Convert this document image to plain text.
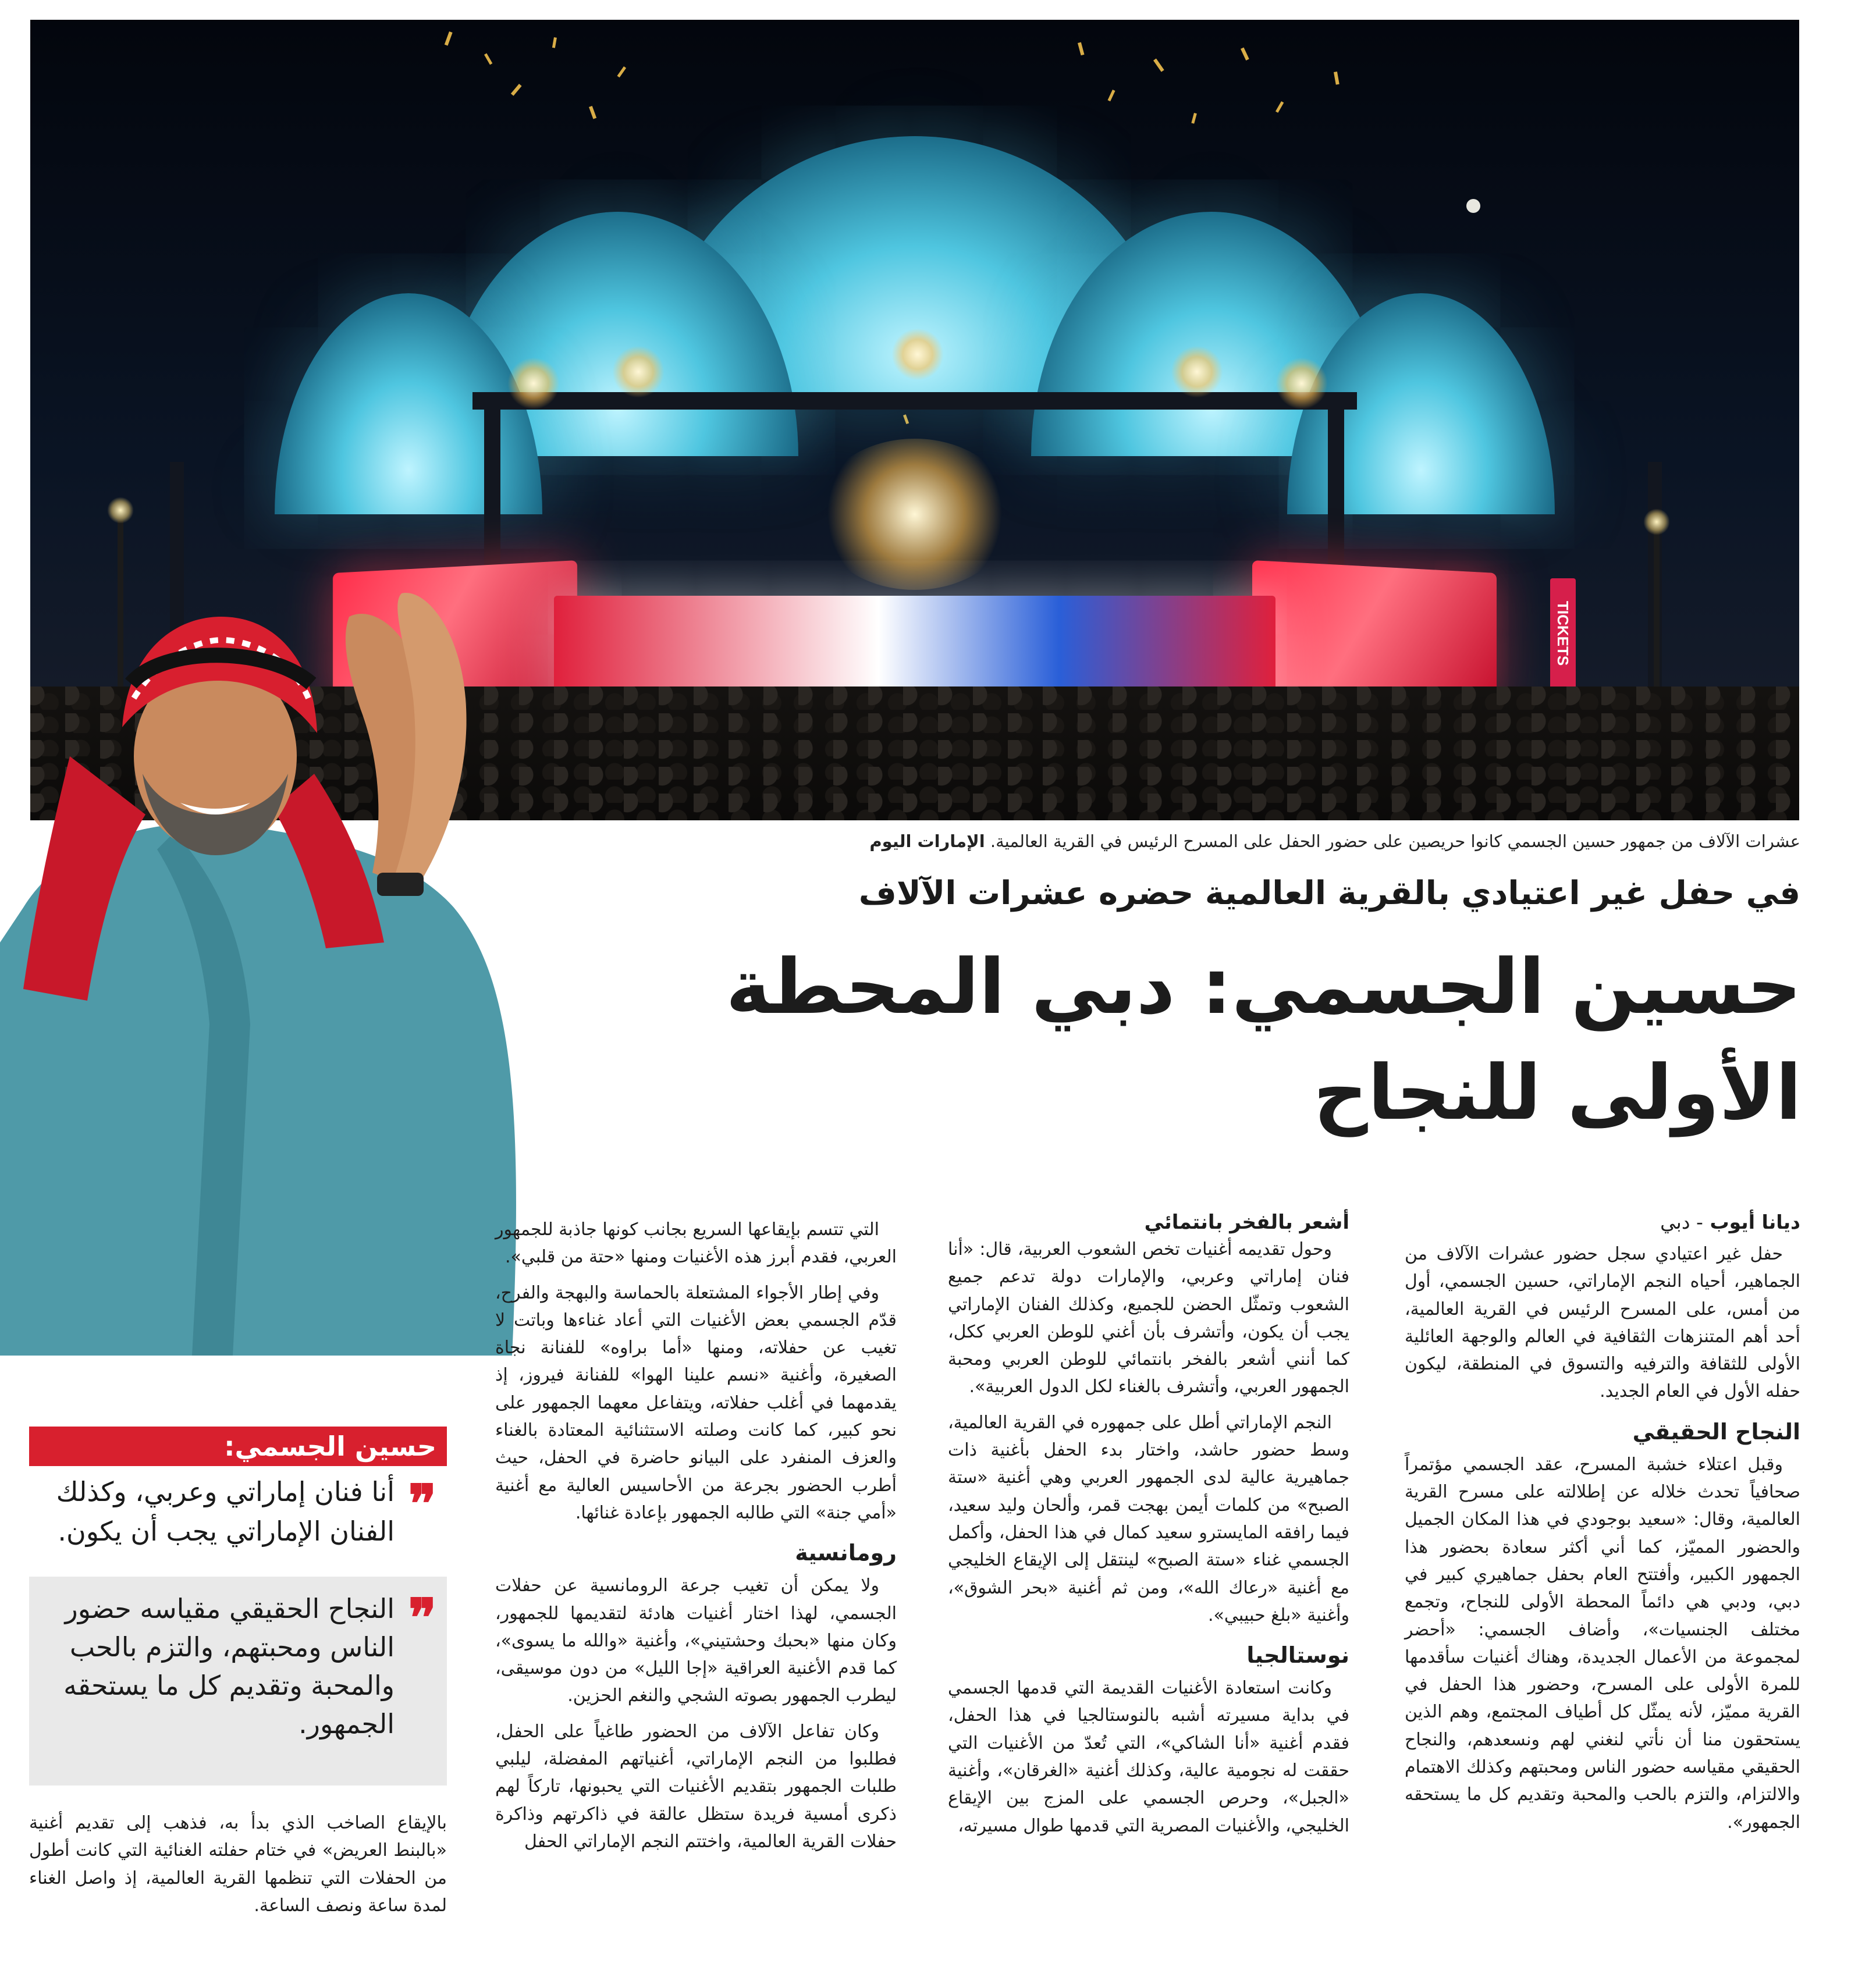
TICKETS
عشرات الآلاف من جمهور حسين الجسمي كانوا حريصين على حضور الحفل على المسرح الرئيس في القرية العالمية. الإمارات اليوم
في حفل غير اعتيادي بالقرية العالمية حضره عشرات الآلاف
حسين الجسمي: دبي المحطة الأولى للنجاح
ديانا أيوب - دبي

حفل غير اعتيادي سجل حضور عشرات الآلاف من الجماهير، أحياه النجم الإماراتي، حسين الجسمي، أول من أمس، على المسرح الرئيس في القرية العالمية، أحد أهم المتنزهات الثقافية في العالم والوجهة العائلية الأولى للثقافة والترفيه والتسوق في المنطقة، ليكون حفله الأول في العام الجديد.

النجاح الحقيقي

وقبل اعتلاء خشبة المسرح، عقد الجسمي مؤتمراً صحافياً تحدث خلاله عن إطلالته على مسرح القرية العالمية، وقال: «سعيد بوجودي في هذا المكان الجميل والحضور المميّز، كما أني أكثر سعادة بحضور هذا الجمهور الكبير، وأفتتح العام بحفل جماهيري كبير في دبي، ودبي هي دائماً المحطة الأولى للنجاح، وتجمع مختلف الجنسيات»، وأضاف الجسمي: «أحضر لمجموعة من الأعمال الجديدة، وهناك أغنيات سأقدمها للمرة الأولى على المسرح، وحضور هذا الحفل في القرية مميّز، لأنه يمثّل كل أطياف المجتمع، وهم الذين يستحقون منا أن نأتي لنغني لهم ونسعدهم، والنجاح الحقيقي مقياسه حضور الناس ومحبتهم وكذلك الاهتمام والالتزام، والتزم بالحب والمحبة وتقديم كل ما يستحقه الجمهور».

أشعر بالفخر بانتمائي

وحول تقديمه أغنيات تخص الشعوب العربية، قال: «أنا فنان إماراتي وعربي، والإمارات دولة تدعم جميع الشعوب وتمثّل الحضن للجميع، وكذلك الفنان الإماراتي يجب أن يكون، وأتشرف بأن أغني للوطن العربي ككل، كما أنني أشعر بالفخر بانتمائي للوطن العربي ومحبة الجمهور العربي، وأتشرف بالغناء لكل الدول العربية».

النجم الإماراتي أطل على جمهوره في القرية العالمية، وسط حضور حاشد، واختار بدء الحفل بأغنية ذات جماهيرية عالية لدى الجمهور العربي وهي أغنية «ستة الصبح» من كلمات أيمن بهجت قمر، وألحان وليد سعيد، فيما رافقه المايسترو سعيد كمال في هذا الحفل، وأكمل الجسمي غناء «ستة الصبح» لينتقل إلى الإيقاع الخليجي مع أغنية «رعاك الله»، ومن ثم أغنية «بحر الشوق»، وأغنية «بلغ حبيبي».

نوستالجيا

وكانت استعادة الأغنيات القديمة التي قدمها الجسمي في بداية مسيرته أشبه بالنوستالجيا في هذا الحفل، فقدم أغنية «أنا الشاكي»، التي تُعدّ من الأغنيات التي حققت له نجومية عالية، وكذلك أغنية «الغرقان»، وأغنية «الجبل»، وحرص الجسمي على المزج بين الإيقاع الخليجي، والأغنيات المصرية التي قدمها طوال مسيرته،

التي تتسم بإيقاعها السريع بجانب كونها جاذبة للجمهور العربي، فقدم أبرز هذه الأغنيات ومنها «حتة من قلبي».

وفي إطار الأجواء المشتعلة بالحماسة والبهجة والفرح، قدّم الجسمي بعض الأغنيات التي أعاد غناءها وباتت لا تغيب عن حفلاته، ومنها «أما براوه» للفنانة نجاة الصغيرة، وأغنية «نسم علينا الهوا» للفنانة فيروز، إذ يقدمهما في أغلب حفلاته، ويتفاعل معهما الجمهور على نحو كبير، كما كانت وصلته الاستثنائية المعتادة بالغناء والعزف المنفرد على البيانو حاضرة في الحفل، حيث أطرب الحضور بجرعة من الأحاسيس العالية مع أغنية «أمي جنة» التي طالبه الجمهور بإعادة غنائها.

رومانسية

ولا يمكن أن تغيب جرعة الرومانسية عن حفلات الجسمي، لهذا اختار أغنيات هادئة لتقديمها للجمهور، وكان منها «بحبك وحشتيني»، وأغنية «والله ما يسوى»، كما قدم الأغنية العراقية «إجا الليل» من دون موسيقى، ليطرب الجمهور بصوته الشجي والنغم الحزين.

وكان تفاعل الآلاف من الحضور طاغياً على الحفل، فطلبوا من النجم الإماراتي، أغنياتهم المفضلة، ليلبي طلبات الجمهور بتقديم الأغنيات التي يحبونها، تاركاً لهم ذكرى أمسية فريدة ستظل عالقة في ذاكرتهم وذاكرة حفلات القرية العالمية، واختتم النجم الإماراتي الحفل

حسين الجسمي:
❞
أنا فنان إماراتي وعربي، وكذلك الفنان الإماراتي يجب أن يكون.
❞
النجاح الحقيقي مقياسه حضور الناس ومحبتهم، والتزم بالحب والمحبة وتقديم كل ما يستحقه الجمهور.

بالإيقاع الصاخب الذي بدأ به، فذهب إلى تقديم أغنية «بالبنط العريض» في ختام حفلته الغنائية التي كانت أطول من الحفلات التي تنظمها القرية العالمية، إذ واصل الغناء لمدة ساعة ونصف الساعة.
